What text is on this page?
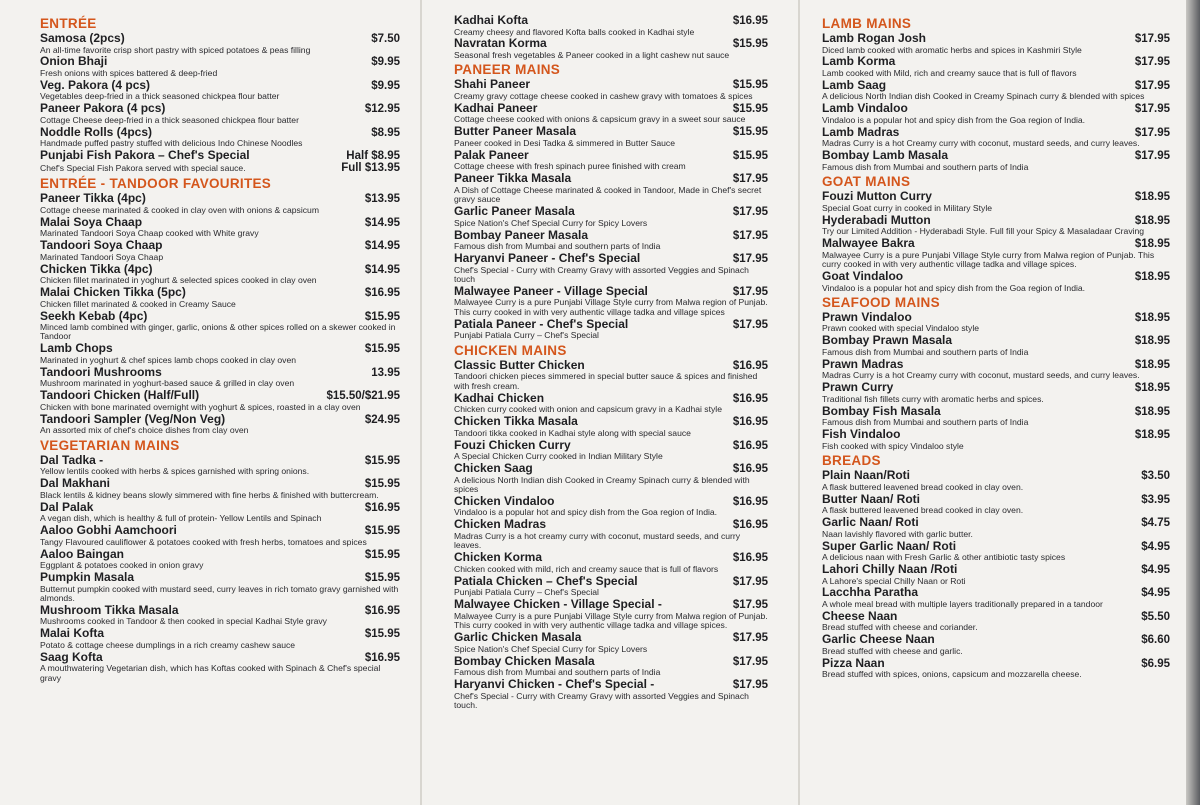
ENTRÉE
Samosa (2pcs)	$7.50
An all-time favorite crisp short pastry with spiced potatoes & peas filling
Onion Bhaji	$9.95
Fresh onions with spices battered & deep-fried
Veg. Pakora (4 pcs)	$9.95
Vegetables deep-fried in a thick seasoned chickpea flour batter
Paneer Pakora (4 pcs)	$12.95
Cottage Cheese deep-fried in a thick seasoned chickpea flour batter
Noddle Rolls (4pcs)	$8.95
Handmade puffed pastry stuffed with delicious Indo Chinese Noodles
Punjabi Fish Pakora – Chef's Special	Half $8.95
Chef's Special Fish Pakora served with special sauce.	Full $13.95
ENTRÉE - TANDOOR FAVOURITES
Paneer Tikka (4pc)	$13.95
Cottage cheese marinated & cooked in clay oven with onions & capsicum
Malai Soya Chaap	$14.95
Marinated Tandoori Soya Chaap cooked with White gravy
Tandoori Soya Chaap	$14.95
Marinated Tandoori Soya Chaap
Chicken Tikka (4pc)	$14.95
Chicken fillet marinated in yoghurt & selected spices cooked in clay oven
Malai Chicken Tikka (5pc)	$16.95
Chicken fillet marinated & cooked in Creamy Sauce
Seekh Kebab (4pc)	$15.95
Minced lamb combined with ginger, garlic, onions & other spices rolled on a skewer cooked in Tandoor
Lamb Chops	$15.95
Marinated in yoghurt & chef spices lamb chops cooked in clay oven
Tandoori Mushrooms	13.95
Mushroom marinated in yoghurt-based sauce & grilled in clay oven
Tandoori Chicken (Half/Full)	$15.50/$21.95
Chicken with bone marinated overnight with yoghurt & spices, roasted in a clay oven
Tandoori Sampler (Veg/Non Veg)	$24.95
An assorted mix of chef's choice dishes from clay oven
VEGETARIAN MAINS
Dal Tadka -	$15.95
Yellow lentils cooked with herbs & spices garnished with spring onions.
Dal Makhani	$15.95
Black lentils & kidney beans slowly simmered with fine herbs & finished with buttercream.
Dal Palak	$16.95
A vegan dish, which is healthy & full of protein- Yellow Lentils and Spinach
Aaloo Gobhi Aamchoori	$15.95
Tangy Flavoured cauliflower & potatoes cooked with fresh herbs, tomatoes and spices
Aaloo Baingan	$15.95
Eggplant & potatoes cooked in onion gravy
Pumpkin Masala	$15.95
Butternut pumpkin cooked with mustard seed, curry leaves in rich tomato gravy garnished with almonds.
Mushroom Tikka Masala	$16.95
Mushrooms cooked in Tandoor & then cooked in special Kadhai Style gravy
Malai Kofta	$15.95
Potato & cottage cheese dumplings in a rich creamy cashew sauce
Saag Kofta	$16.95
A mouthwatering Vegetarian dish, which has Koftas cooked with Spinach & Chef's special gravy
Kadhai Kofta	$16.95
Creamy cheesy and flavored Kofta balls cooked in Kadhai style
Navratan Korma	$15.95
Seasonal fresh vegetables & Paneer cooked in a light cashew nut sauce
PANEER MAINS
Shahi Paneer	$15.95
Creamy gravy cottage cheese cooked in cashew gravy with tomatoes & spices
Kadhai Paneer	$15.95
Cottage cheese cooked with onions & capsicum gravy in a sweet sour sauce
Butter Paneer Masala	$15.95
Paneer cooked in Desi Tadka & simmered in Butter Sauce
Palak Paneer	$15.95
Cottage cheese with fresh spinach puree finished with cream
Paneer Tikka Masala	$17.95
A Dish of Cottage Cheese marinated & cooked in Tandoor, Made in Chef's secret gravy sauce
Garlic Paneer Masala	$17.95
Spice Nation's Chef Special Curry for Spicy Lovers
Bombay Paneer Masala	$17.95
Famous dish from Mumbai and southern parts of India
Haryanvi Paneer - Chef's Special	$17.95
Chef's Special - Curry with Creamy Gravy with assorted Veggies and Spinach touch
Malwayee Paneer - Village Special	$17.95
Malwayee Curry is a pure Punjabi Village Style curry from Malwa region of Punjab. This curry cooked in with very authentic village tadka and village spices
Patiala Paneer - Chef's Special	$17.95
Punjabi Patiala Curry – Chef's Special
CHICKEN MAINS
Classic Butter Chicken	$16.95
Tandoori chicken pieces simmered in special butter sauce & spices and finished with fresh cream.
Kadhai Chicken	$16.95
Chicken curry cooked with onion and capsicum gravy in a Kadhai style
Chicken Tikka Masala	$16.95
Tandoori tikka cooked in Kadhai style along with special sauce
Fouzi Chicken Curry	$16.95
A Special Chicken Curry cooked in Indian Military Style
Chicken Saag	$16.95
A delicious North Indian dish Cooked in Creamy Spinach curry & blended with spices
Chicken Vindaloo	$16.95
Vindaloo is a popular hot and spicy dish from the Goa region of India.
Chicken Madras	$16.95
Madras Curry is a hot creamy curry with coconut, mustard seeds, and curry leaves.
Chicken Korma	$16.95
Chicken cooked with mild, rich and creamy sauce that is full of flavors
Patiala Chicken – Chef's Special	$17.95
Punjabi Patiala Curry – Chef's Special
Malwayee Chicken - Village Special -	$17.95
Malwayee Curry is a pure Punjabi Village Style curry from Malwa region of Punjab. This curry cooked in with very authentic village tadka and village spices.
Garlic Chicken Masala	$17.95
Spice Nation's Chef Special Curry for Spicy Lovers
Bombay Chicken Masala	$17.95
Famous dish from Mumbai and southern parts of India
Haryanvi Chicken - Chef's Special -	$17.95
Chef's Special - Curry with Creamy Gravy with assorted Veggies and Spinach touch.
LAMB MAINS
Lamb Rogan Josh	$17.95
Diced lamb cooked with aromatic herbs and spices in Kashmiri Style
Lamb Korma	$17.95
Lamb cooked with Mild, rich and creamy sauce that is full of flavors
Lamb Saag	$17.95
A delicious North Indian dish Cooked in Creamy Spinach curry & blended with spices
Lamb Vindaloo	$17.95
Vindaloo is a popular hot and spicy dish from the Goa region of India.
Lamb Madras	$17.95
Madras Curry is a hot Creamy curry with coconut, mustard seeds, and curry leaves.
Bombay Lamb Masala	$17.95
Famous dish from Mumbai and southern parts of India
GOAT MAINS
Fouzi Mutton Curry	$18.95
Special Goat curry in cooked in Military Style
Hyderabadi Mutton	$18.95
Try our Limited Addition - Hyderabadi Style. Full fill your Spicy & Masaladaar Craving
Malwayee Bakra	$18.95
Malwayee Curry is a pure Punjabi Village Style curry from Malwa region of Punjab. This curry cooked in with very authentic village tadka and village spices.
Goat Vindaloo	$18.95
Vindaloo is a popular hot and spicy dish from the Goa region of India.
SEAFOOD MAINS
Prawn Vindaloo	$18.95
Prawn cooked with special Vindaloo style
Bombay Prawn Masala	$18.95
Famous dish from Mumbai and southern parts of India
Prawn Madras	$18.95
Madras Curry is a hot Creamy curry with coconut, mustard seeds, and curry leaves.
Prawn Curry	$18.95
Traditional fish fillets curry with aromatic herbs and spices.
Bombay Fish Masala	$18.95
Famous dish from Mumbai and southern parts of India
Fish Vindaloo	$18.95
Fish cooked with spicy Vindaloo style
BREADS
Plain Naan/Roti	$3.50
A flask buttered leavened bread cooked in clay oven.
Butter Naan/ Roti	$3.95
A flask buttered leavened bread cooked in clay oven.
Garlic Naan/ Roti	$4.75
Naan lavishly flavored with garlic butter.
Super Garlic Naan/ Roti	$4.95
A delicious naan with Fresh Garlic & other antibiotic tasty spices
Lahori Chilly Naan /Roti	$4.95
A Lahore's special Chilly Naan or Roti
Lacchha Paratha	$4.95
A whole meal bread with multiple layers traditionally prepared in a tandoor
Cheese Naan	$5.50
Bread stuffed with cheese and coriander.
Garlic Cheese Naan	$6.60
Bread stuffed with cheese and garlic.
Pizza Naan	$6.95
Bread stuffed with spices, onions, capsicum and mozzarella cheese.
